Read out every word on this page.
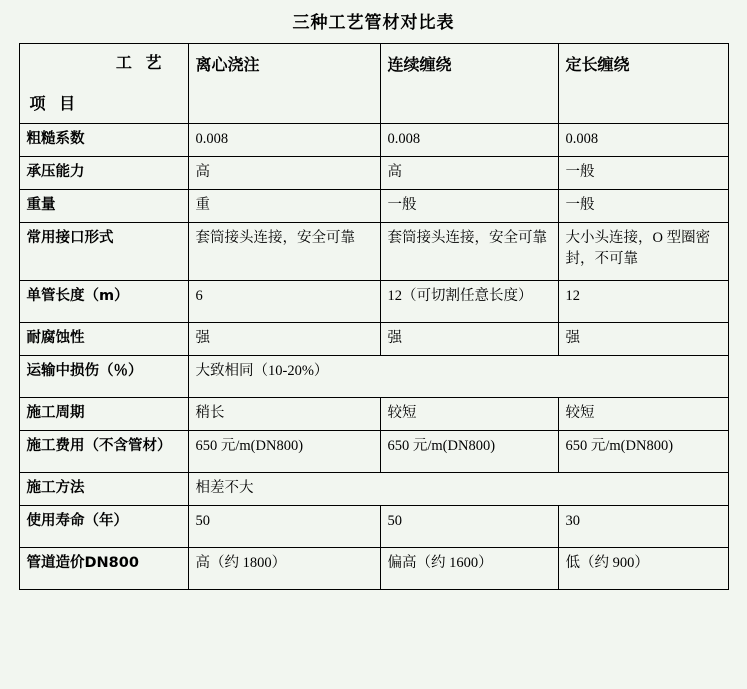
三种工艺管材对比表
工 艺
项 目	离心浇注	连续缠绕	定长缠绕
粗糙系数	0.008	0.008	0.008
承压能力	高	高	一般
重量	重	一般	一般
常用接口形式	套筒接头连接，安全可靠	套筒接头连接，安全可靠	大小头连接，O 型圈密封，不可靠
单管长度（m）	6	12（可切割任意长度）	12
耐腐蚀性	强	强	强
运输中损伤（％）	大致相同（10-20%）		
施工周期	稍长	较短	较短
施工费用（不含管材）	650 元/m(DN800)	650 元/m(DN800)	650 元/m(DN800)
施工方法	相差不大		
使用寿命（年）	50	50	30
管道造价DN800	高（约 1800）	偏高（约 1600）	低（约 900）
